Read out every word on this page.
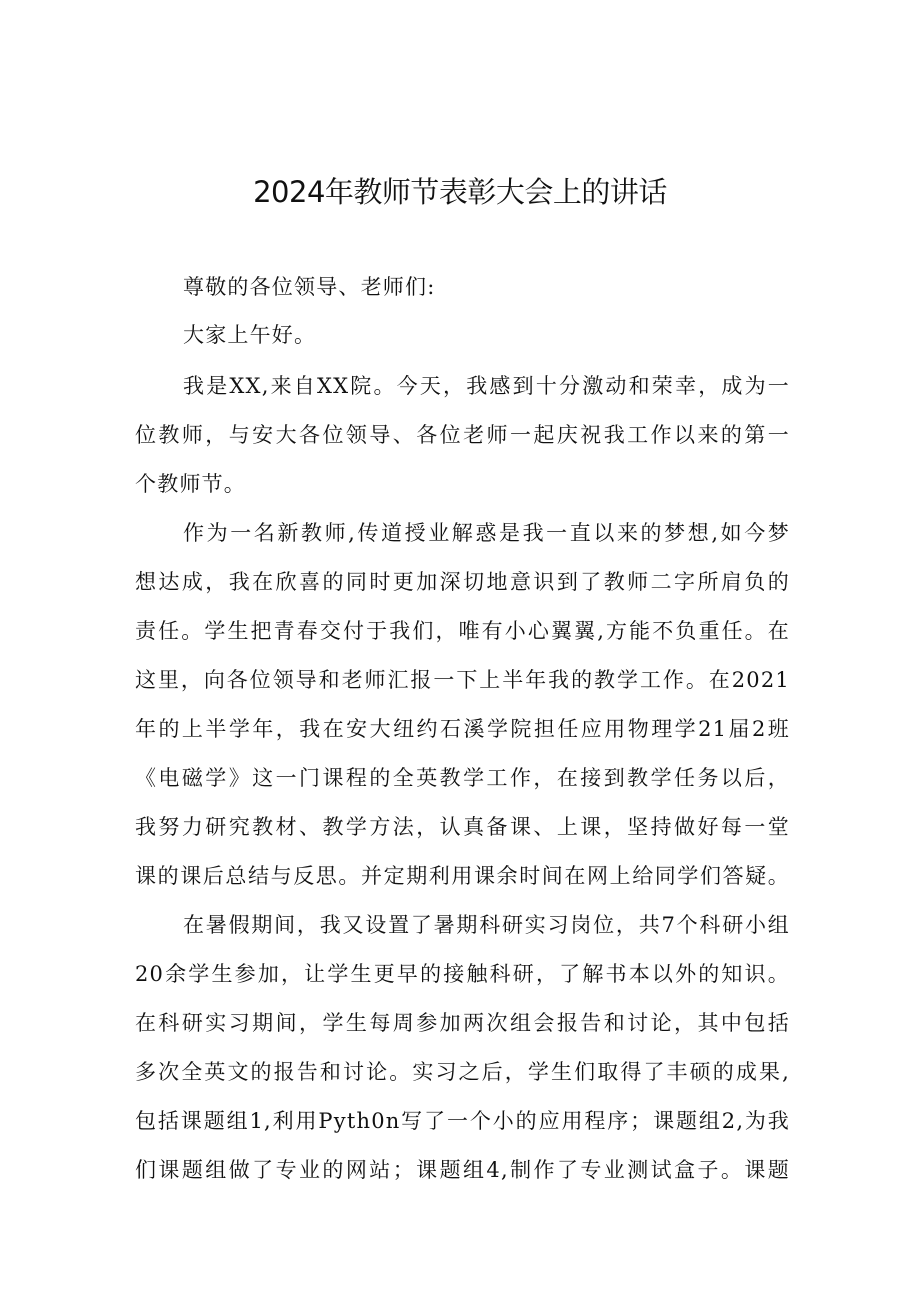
2024年教师节表彰大会上的讲话
尊敬的各位领导、老师们:
大家上午好。
我是XX,来自XX院。今天，我感到十分激动和荣幸，成为一
位教师，与安大各位领导、各位老师一起庆祝我工作以来的第一
个教师节。
作为一名新教师,传道授业解惑是我一直以来的梦想,如今梦
想达成，我在欣喜的同时更加深切地意识到了教师二字所肩负的
责任。学生把青春交付于我们，唯有小心翼翼,方能不负重任。在
这里，向各位领导和老师汇报一下上半年我的教学工作。在2021
年的上半学年，我在安大纽约石溪学院担任应用物理学21届2班
《电磁学》这一门课程的全英教学工作，在接到教学任务以后，
我努力研究教材、教学方法，认真备课、上课，坚持做好每一堂
课的课后总结与反思。并定期利用课余时间在网上给同学们答疑。
在暑假期间，我又设置了暑期科研实习岗位，共7个科研小组
20余学生参加，让学生更早的接触科研，了解书本以外的知识。
在科研实习期间，学生每周参加两次组会报告和讨论，其中包括
多次全英文的报告和讨论。实习之后，学生们取得了丰硕的成果,
包括课题组1,利用Pyth0n写了一个小的应用程序；课题组2,为我
们课题组做了专业的网站；课题组4,制作了专业测试盒子。课题
